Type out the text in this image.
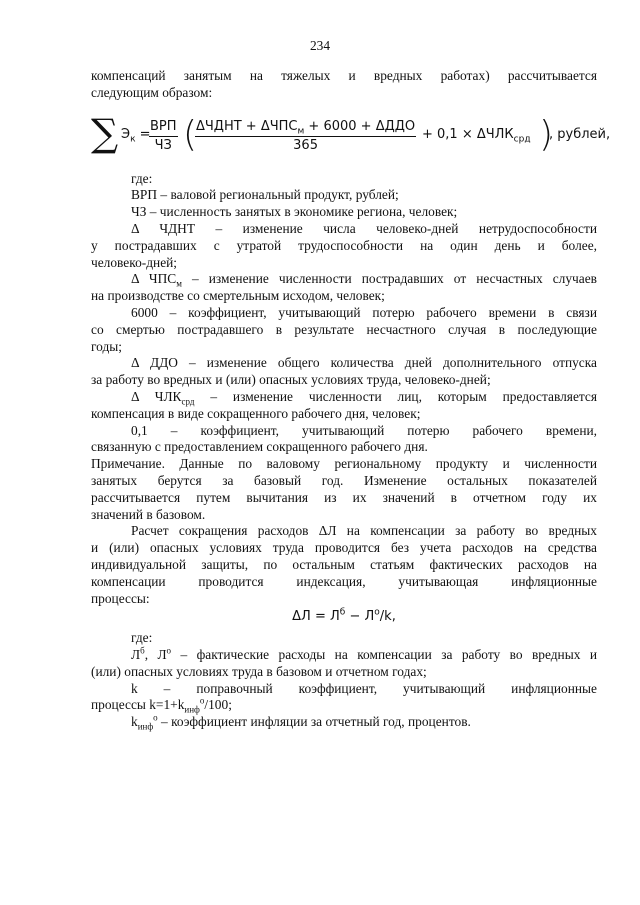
234

компенсаций занятым на тяжелых и вредных работах) рассчитывается

следующим образом:

∑ $Э_к$ =
ВРП
ЧЗ (
ΔЧДНТ + $\Delta ЧПС_м + 6000 + \Delta ДДО$
365
+ $0,1 \times \Delta ЧЛК_{срд}$ )
, рублей,

где:

ВРП – валовой региональный продукт, рублей;

ЧЗ – численность занятых в экономике региона, человек;

Δ ЧДНТ – изменение числа человеко-дней нетрудоспособности

у пострадавших с утратой трудоспособности на один день и более,

человеко-дней;

Δ $ЧПС_м$ – изменение численности пострадавших от несчастных случаев

на производстве со смертельным исходом, человек;

6000 – коэффициент, учитывающий потерю рабочего времени в связи

со смертью пострадавшего в результате несчастного случая в последующие

годы;

Δ ДДО – изменение общего количества дней дополнительного отпуска

за работу во вредных и (или) опасных условиях труда, человеко-дней;

Δ $ЧЛК_{срд}$ – изменение численности лиц, которым предоставляется

компенсация в виде сокращенного рабочего дня, человек;

0,1 – коэффициент, учитывающий потерю рабочего времени,

связанную с предоставлением сокращенного рабочего дня.

Примечание. Данные по валовому региональному продукту и численности

занятых берутся за базовый год. Изменение остальных показателей

рассчитывается путем вычитания из их значений в отчетном году их

значений в базовом.

Расчет сокращения расходов ΔЛ на компенсации за работу во вредных

и (или) опасных условиях труда проводится без учета расходов на средства

индивидуальной защиты, по остальным статьям фактических расходов на

компенсации проводится индексация, учитывающая инфляционные

процессы:

$\Delta Л = Л^б - Л^о/k$,

где:

$Л^б$, $Л^о$ – фактические расходы на компенсации за работу во вредных и

(или) опасных условиях труда в базовом и отчетном годах;

k – поправочный коэффициент, учитывающий инфляционные

процессы $k=1+k_{инф}^о/100$;

$k_{инф}^о$ – коэффициент инфляции за отчетный год, процентов.
